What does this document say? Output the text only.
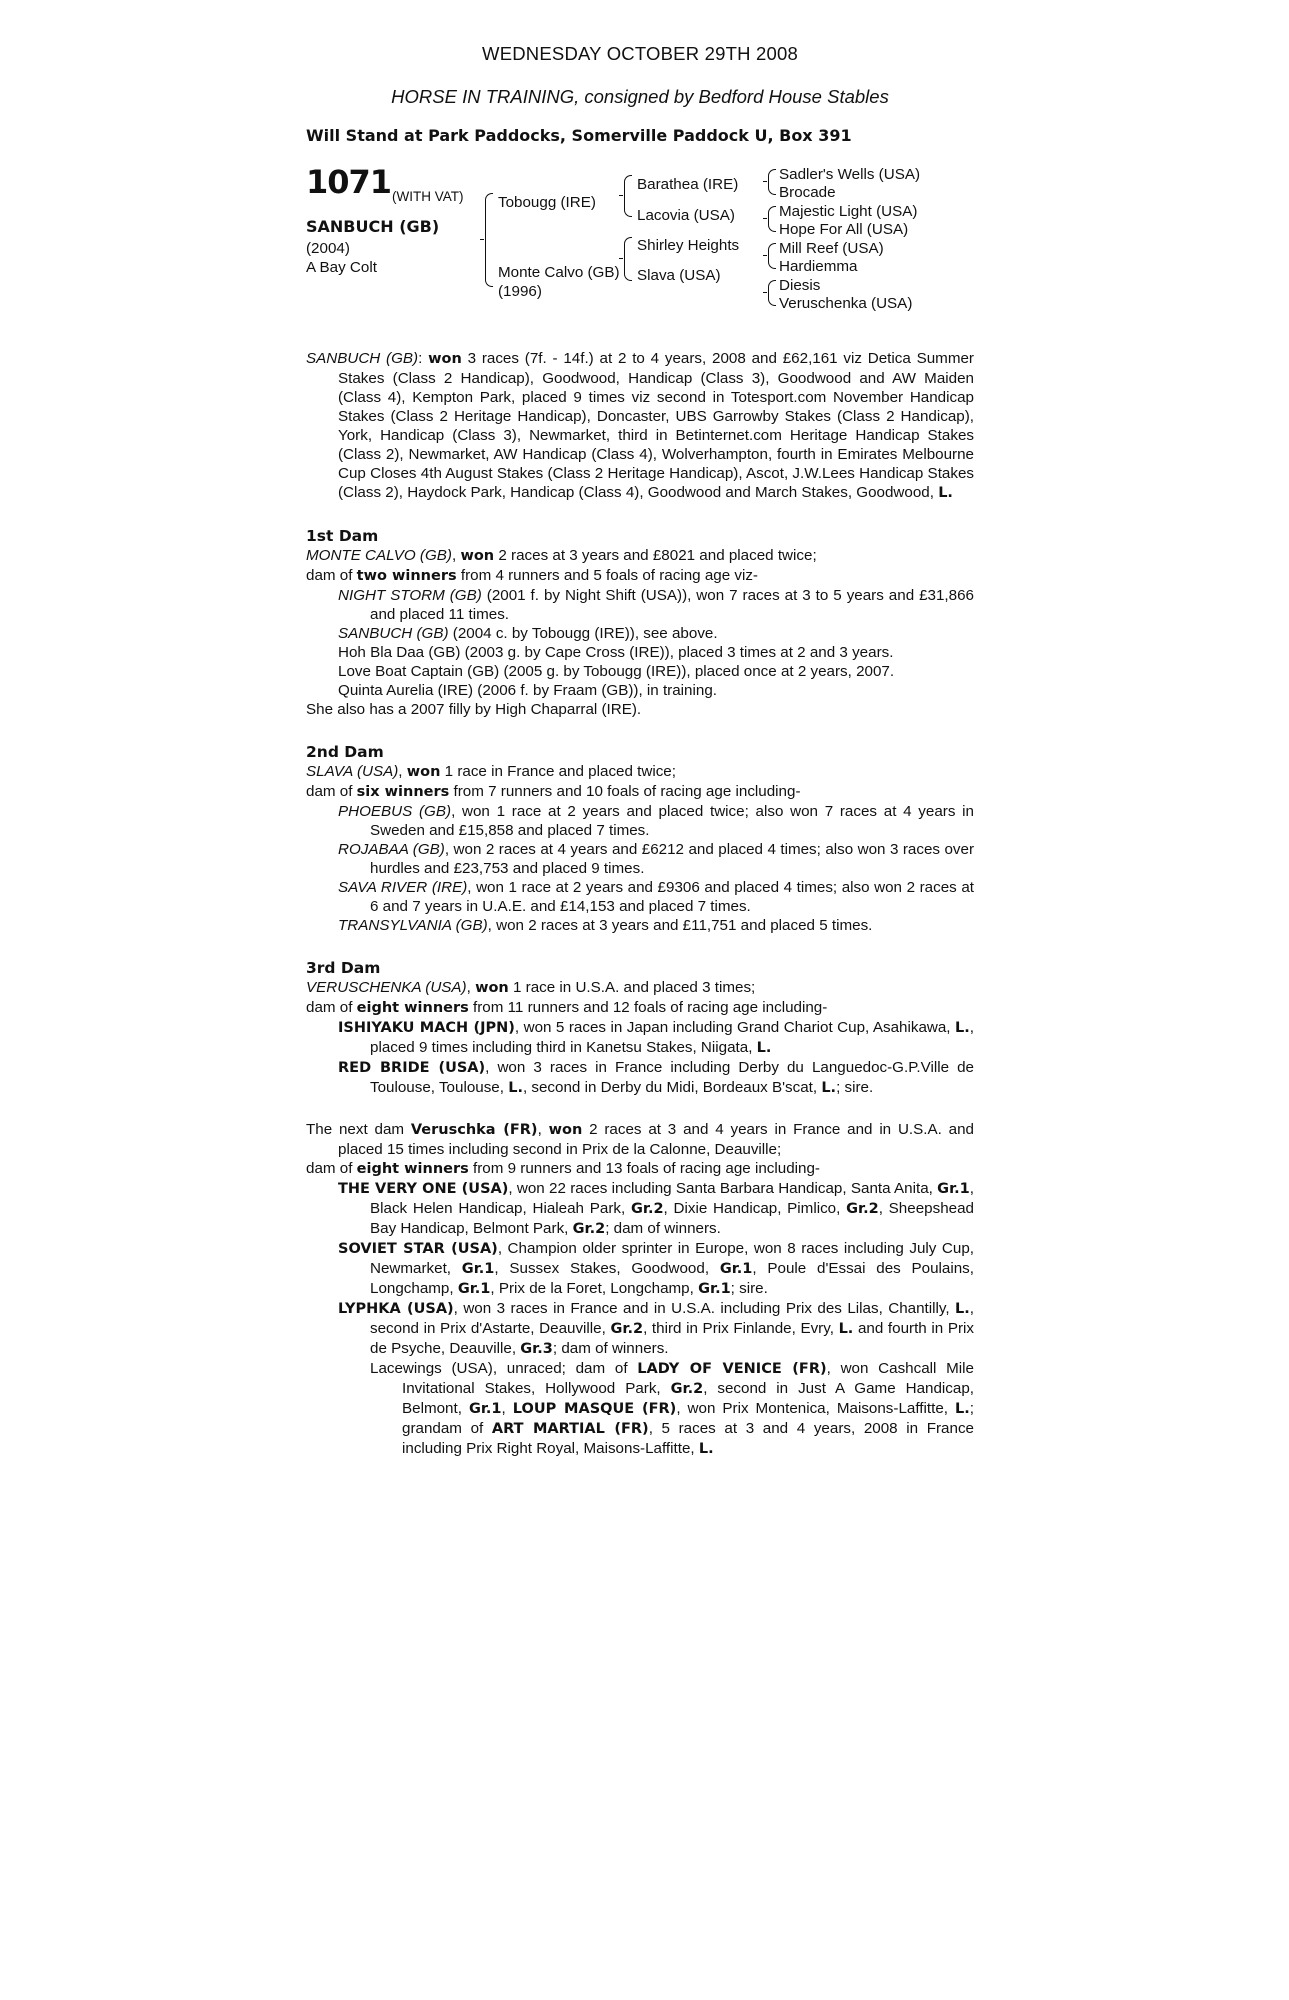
WEDNESDAY OCTOBER 29TH 2008
HORSE IN TRAINING, consigned by Bedford House Stables
Will Stand at Park Paddocks, Somerville Paddock U, Box 391
1071 (WITH VAT)
SANBUCH (GB)
(2004)
A Bay Colt
Tobougg (IRE)
Monte Calvo (GB)
(1996)
Barathea (IRE)
Lacovia (USA)
Shirley Heights
Slava (USA)
Sadler's Wells (USA)
Brocade
Majestic Light (USA)
Hope For All (USA)
Mill Reef (USA)
Hardiemma
Diesis
Veruschenka (USA)

SANBUCH (GB): won 3 races (7f. - 14f.) at 2 to 4 years, 2008 and £62,161 viz Detica Summer Stakes (Class 2 Handicap), Goodwood, Handicap (Class 3), Goodwood and AW Maiden (Class 4), Kempton Park, placed 9 times viz second in Totesport.com November Handicap Stakes (Class 2 Heritage Handicap), Doncaster, UBS Garrowby Stakes (Class 2 Handicap), York, Handicap (Class 3), Newmarket, third in Betinternet.com Heritage Handicap Stakes (Class 2), Newmarket, AW Handicap (Class 4), Wolverhampton, fourth in Emirates Melbourne Cup Closes 4th August Stakes (Class 2 Heritage Handicap), Ascot, J.W.Lees Handicap Stakes (Class 2), Haydock Park, Handicap (Class 4), Goodwood and March Stakes, Goodwood, L.

1st Dam

MONTE CALVO (GB), won 2 races at 3 years and £8021 and placed twice;

dam of two winners from 4 runners and 5 foals of racing age viz-

NIGHT STORM (GB) (2001 f. by Night Shift (USA)), won 7 races at 3 to 5 years and £31,866 and placed 11 times.

SANBUCH (GB) (2004 c. by Tobougg (IRE)), see above.

Hoh Bla Daa (GB) (2003 g. by Cape Cross (IRE)), placed 3 times at 2 and 3 years.

Love Boat Captain (GB) (2005 g. by Tobougg (IRE)), placed once at 2 years, 2007.

Quinta Aurelia (IRE) (2006 f. by Fraam (GB)), in training.

She also has a 2007 filly by High Chaparral (IRE).

2nd Dam

SLAVA (USA), won 1 race in France and placed twice;

dam of six winners from 7 runners and 10 foals of racing age including-

PHOEBUS (GB), won 1 race at 2 years and placed twice; also won 7 races at 4 years in Sweden and £15,858 and placed 7 times.

ROJABAA (GB), won 2 races at 4 years and £6212 and placed 4 times; also won 3 races over hurdles and £23,753 and placed 9 times.

SAVA RIVER (IRE), won 1 race at 2 years and £9306 and placed 4 times; also won 2 races at 6 and 7 years in U.A.E. and £14,153 and placed 7 times.

TRANSYLVANIA (GB), won 2 races at 3 years and £11,751 and placed 5 times.

3rd Dam

VERUSCHENKA (USA), won 1 race in U.S.A. and placed 3 times;

dam of eight winners from 11 runners and 12 foals of racing age including-

ISHIYAKU MACH (JPN), won 5 races in Japan including Grand Chariot Cup, Asahikawa, L., placed 9 times including third in Kanetsu Stakes, Niigata, L.

RED BRIDE (USA), won 3 races in France including Derby du Languedoc-G.P.Ville de Toulouse, Toulouse, L., second in Derby du Midi, Bordeaux B'scat, L.; sire.

The next dam Veruschka (FR), won 2 races at 3 and 4 years in France and in U.S.A. and placed 15 times including second in Prix de la Calonne, Deauville;

dam of eight winners from 9 runners and 13 foals of racing age including-

THE VERY ONE (USA), won 22 races including Santa Barbara Handicap, Santa Anita, Gr.1, Black Helen Handicap, Hialeah Park, Gr.2, Dixie Handicap, Pimlico, Gr.2, Sheepshead Bay Handicap, Belmont Park, Gr.2; dam of winners.

SOVIET STAR (USA), Champion older sprinter in Europe, won 8 races including July Cup, Newmarket, Gr.1, Sussex Stakes, Goodwood, Gr.1, Poule d'Essai des Poulains, Longchamp, Gr.1, Prix de la Foret, Longchamp, Gr.1; sire.

LYPHKA (USA), won 3 races in France and in U.S.A. including Prix des Lilas, Chantilly, L., second in Prix d'Astarte, Deauville, Gr.2, third in Prix Finlande, Evry, L. and fourth in Prix de Psyche, Deauville, Gr.3; dam of winners.

Lacewings (USA), unraced; dam of LADY OF VENICE (FR), won Cashcall Mile Invitational Stakes, Hollywood Park, Gr.2, second in Just A Game Handicap, Belmont, Gr.1, LOUP MASQUE (FR), won Prix Montenica, Maisons-Laffitte, L.; grandam of ART MARTIAL (FR), 5 races at 3 and 4 years, 2008 in France including Prix Right Royal, Maisons-Laffitte, L.
